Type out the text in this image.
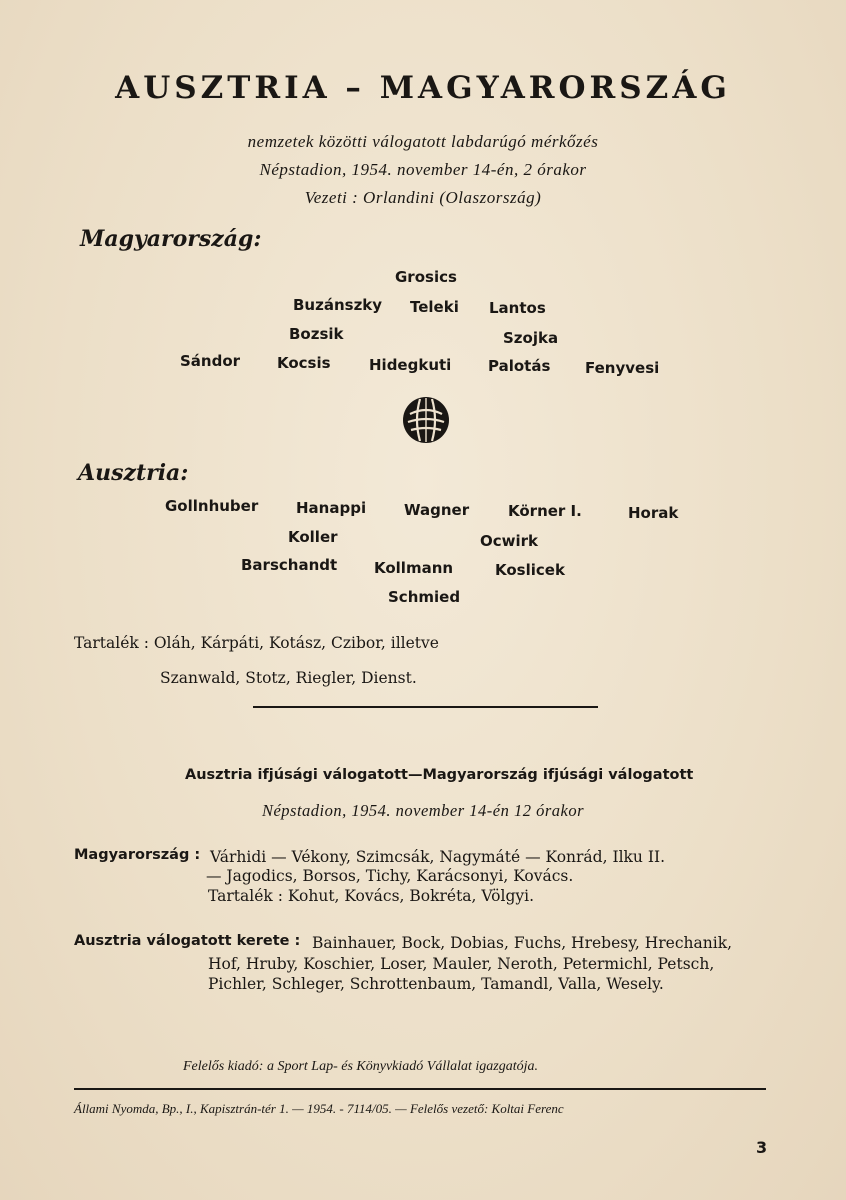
AUSZTRIA – MAGYARORSZÁG
nemzetek közötti válogatott labdarúgó mérkőzés
Népstadion, 1954. november 14-én, 2 órakor
Vezeti : Orlandini (Olaszország)
Magyarország:
Grosics
Buzánszky Teleki Lantos
Bozsik	Szojka
Sándor Kocsis	Hidegkuti Palotás Fenyvesi
Ausztria:
Gollnhuber	Hanappi	Wagner	Körner I.	Horak
Koller	Ocwirk
Barschandt Kollmann	Koslicek
Schmied
Tartalék : Oláh, Kárpáti, Kotász, Czibor, illetve
Szanwald, Stotz, Riegler, Dienst.
Ausztria ifjúsági válogatott—Magyarország ifjúsági válogatott
Népstadion, 1954. november 14-én 12 órakor
Magyarország : Várhidi — Vékony, Szimcsák, Nagymáté — Konrád, Ilku II.
— Jagodics, Borsos, Tichy, Karácsonyi, Kovács.
Tartalék : Kohut, Kovács, Bokréta, Völgyi.
Ausztria válogatott kerete : Bainhauer, Bock, Dobias, Fuchs, Hrebesy, Hrechanik,
Hof, Hruby, Koschier, Loser, Mauler, Neroth, Petermichl, Petsch,
Pichler, Schleger, Schrottenbaum, Tamandl, Valla, Wesely.
Felelős kiadó: a Sport Lap- és Könyvkiadó Vállalat igazgatója.
Állami Nyomda, Bp., I., Kapisztrán-tér 1. — 1954. - 7114/05. — Felelős vezető: Koltai Ferenc
3
